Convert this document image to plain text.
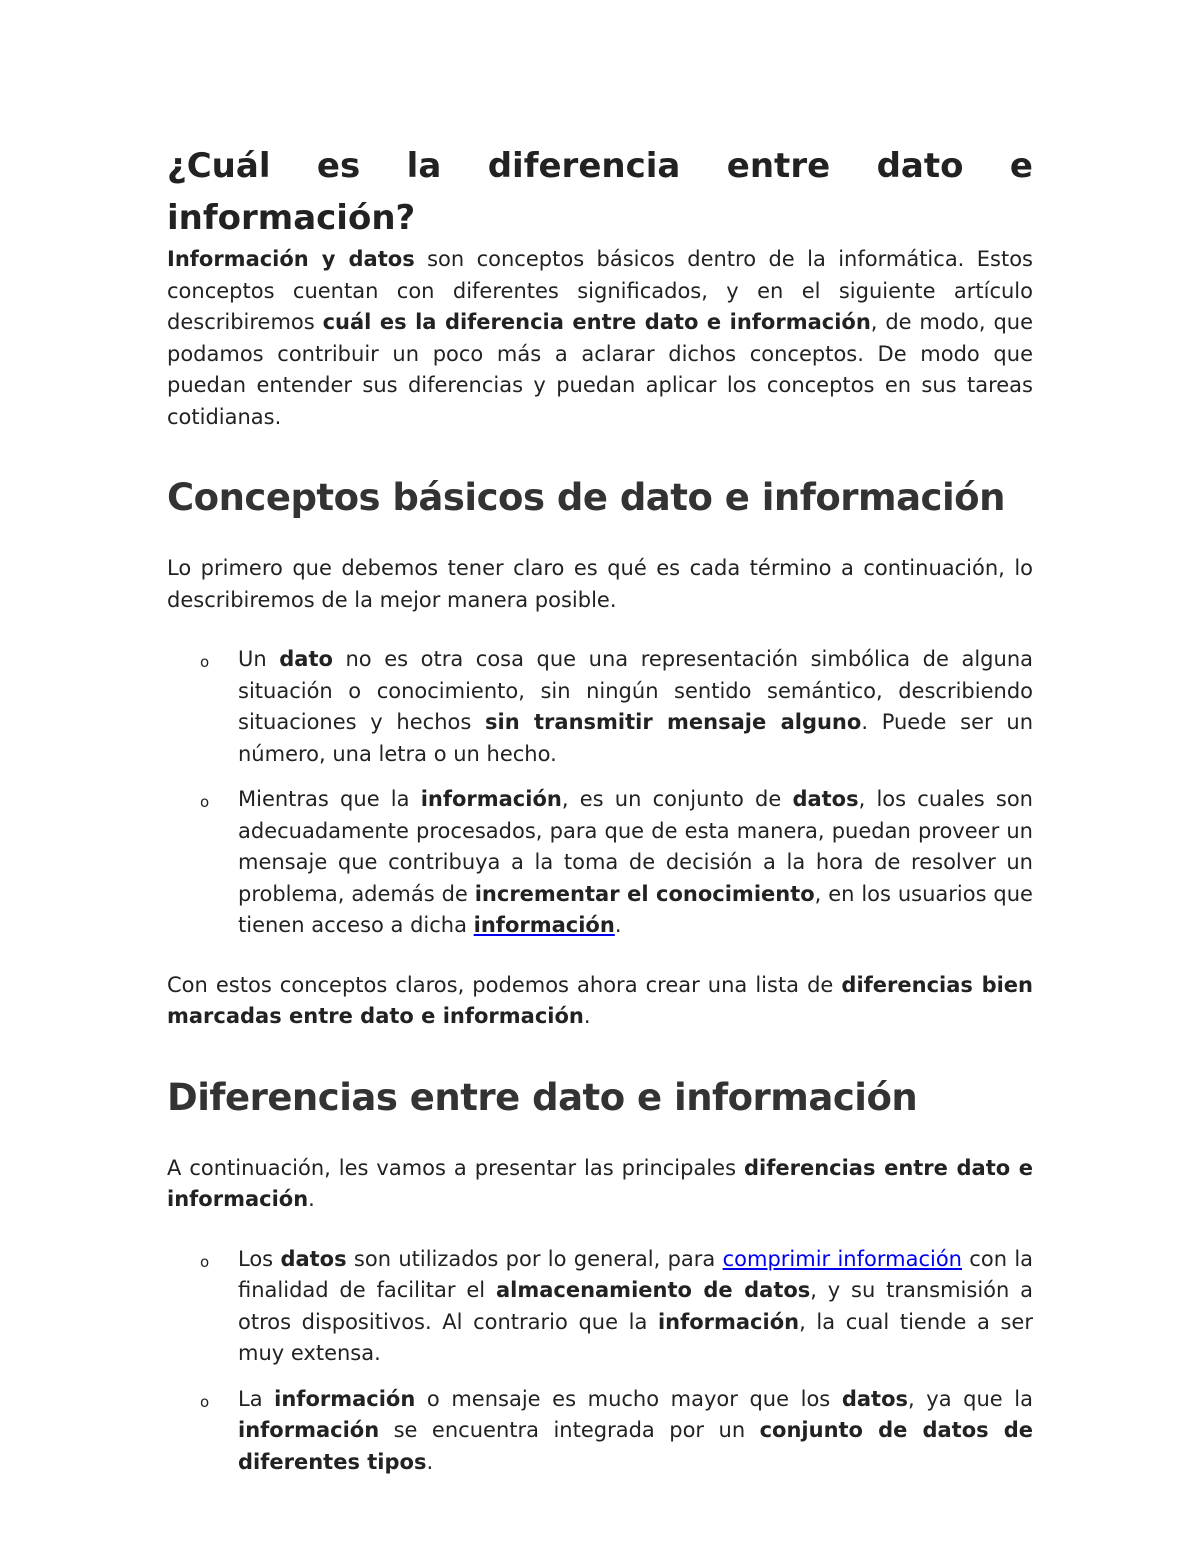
¿Cuál es la diferencia entre dato e
información?

Información y datos son conceptos básicos dentro de la informática. Estos conceptos cuentan con diferentes significados, y en el siguiente artículo describiremos cuál es la diferencia entre dato e información, de modo, que podamos contribuir un poco más a aclarar dichos conceptos. De modo que puedan entender sus diferencias y puedan aplicar los conceptos en sus tareas cotidianas.

Conceptos básicos de dato e información

Lo primero que debemos tener claro es qué es cada término a continuación, lo describiremos de la mejor manera posible.

o Un dato no es otra cosa que una representación simbólica de alguna situación o conocimiento, sin ningún sentido semántico, describiendo situaciones y hechos sin transmitir mensaje alguno. Puede ser un número, una letra o un hecho.
o Mientras que la información, es un conjunto de datos, los cuales son adecuadamente procesados, para que de esta manera, puedan proveer un mensaje que contribuya a la toma de decisión a la hora de resolver un problema, además de incrementar el conocimiento, en los usuarios que tienen acceso a dicha información.

Con estos conceptos claros, podemos ahora crear una lista de diferencias bien marcadas entre dato e información.

Diferencias entre dato e información

A continuación, les vamos a presentar las principales diferencias entre dato e información.

o Los datos son utilizados por lo general, para comprimir información con la finalidad de facilitar el almacenamiento de datos, y su transmisión a otros dispositivos. Al contrario que la información, la cual tiende a ser muy extensa.
o La información o mensaje es mucho mayor que los datos, ya que la información se encuentra integrada por un conjunto de datos de diferentes tipos.
